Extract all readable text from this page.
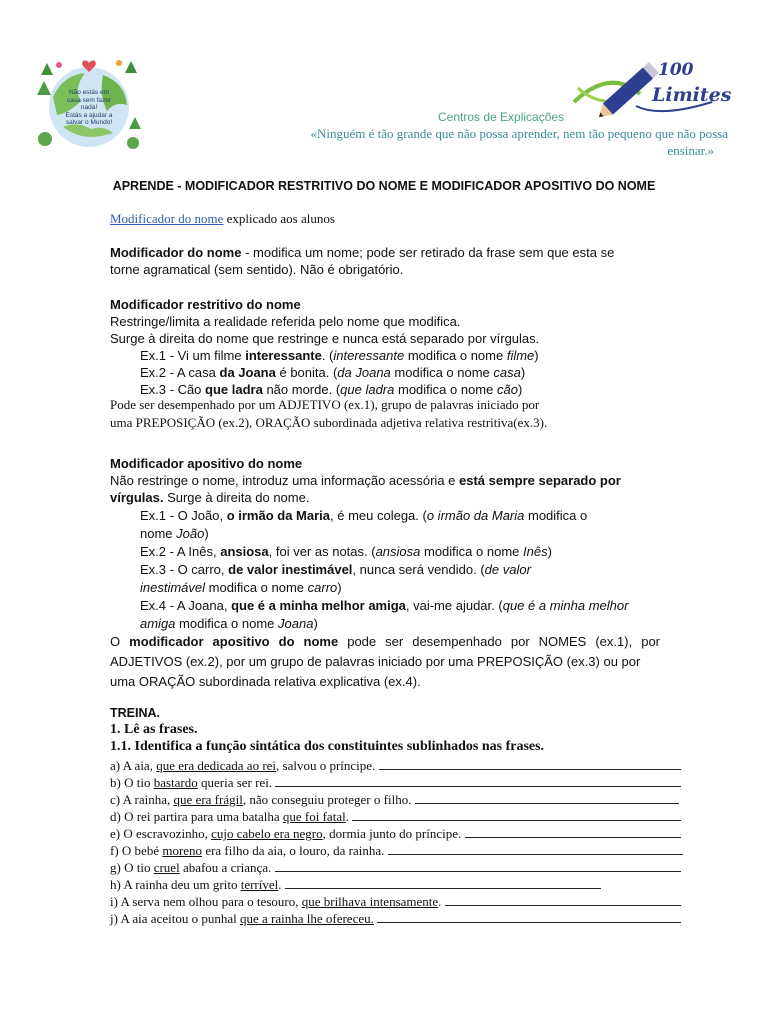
Não estás em
casa sem fazer
nada!
Estás a ajudar a
salvar o Mundo!
100
Limites
Centros de Explicações
«Ninguém é tão grande que não possa aprender, nem tão pequeno que não possa
ensinar.»
APRENDE - MODIFICADOR RESTRITIVO DO NOME E MODIFICADOR APOSITIVO DO NOME
Modificador do nome explicado aos alunos
Modificador do nome - modifica um nome; pode ser retirado da frase sem que esta se
torne agramatical (sem sentido). Não é obrigatório.
Modificador restritivo do nome
Restringe/limita a realidade referida pelo nome que modifica.
Surge à direita do nome que restringe e nunca está separado por vírgulas.
Ex.1 - Vi um filme interessante. (interessante modifica o nome filme)
Ex.2 - A casa da Joana é bonita. (da Joana modifica o nome casa)
Ex.3 - Cão que ladra não morde. (que ladra modifica o nome cão)
Pode ser desempenhado por um ADJETIVO (ex.1), grupo de palavras iniciado por
uma PREPOSIÇÃO (ex.2), ORAÇÃO subordinada adjetiva relativa restritiva(ex.3).
Modificador apositivo do nome
Não restringe o nome, introduz uma informação acessória e está sempre separado por
vírgulas. Surge à direita do nome.
Ex.1 - O João, o irmão da Maria, é meu colega. (o irmão da Maria modifica o
nome João)
Ex.2 - A Inês, ansiosa, foi ver as notas. (ansiosa modifica o nome Inês)
Ex.3 - O carro, de valor inestimável, nunca será vendido. (de valor
inestimável modifica o nome carro)
Ex.4 - A Joana, que é a minha melhor amiga, vai-me ajudar. (que é a minha melhor
amiga modifica o nome Joana)
O modificador apositivo do nome pode ser desempenhado por NOMES (ex.1), por
ADJETIVOS (ex.2), por um grupo de palavras iniciado por uma PREPOSIÇÃO (ex.3) ou por
uma ORAÇÃO subordinada relativa explicativa (ex.4).
TREINA.
1. Lê as frases.
1.1. Identifica a função sintática dos constituintes sublinhados nas frases.
a) A aia, que era dedicada ao rei, salvou o príncipe.
b) O tio bastardo queria ser rei.
c) A rainha, que era frágil, não conseguiu proteger o filho.
d) O rei partira para uma batalha que foi fatal.
e) O escravozinho, cujo cabelo era negro, dormia junto do príncipe.
f) O bebé moreno era filho da aia, o louro, da rainha.
g) O tio cruel abafou a criança.
h) A rainha deu um grito terrível.
i) A serva nem olhou para o tesouro, que brilhava intensamente.
j) A aia aceitou o punhal que a rainha lhe ofereceu.
